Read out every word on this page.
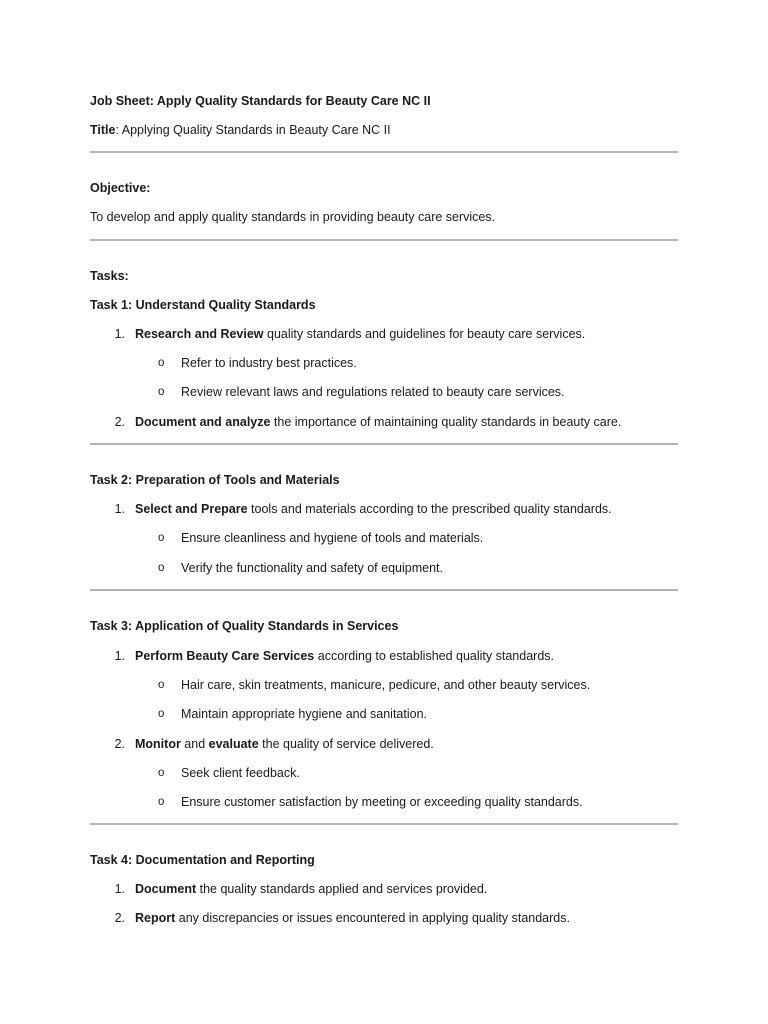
Job Sheet: Apply Quality Standards for Beauty Care NC II
Title: Applying Quality Standards in Beauty Care NC II
Objective:
To develop and apply quality standards in providing beauty care services.
Tasks:
Task 1: Understand Quality Standards
1. Research and Review quality standards and guidelines for beauty care services.
o Refer to industry best practices.
o Review relevant laws and regulations related to beauty care services.
2. Document and analyze the importance of maintaining quality standards in beauty care.
Task 2: Preparation of Tools and Materials
1. Select and Prepare tools and materials according to the prescribed quality standards.
o Ensure cleanliness and hygiene of tools and materials.
o Verify the functionality and safety of equipment.
Task 3: Application of Quality Standards in Services
1. Perform Beauty Care Services according to established quality standards.
o Hair care, skin treatments, manicure, pedicure, and other beauty services.
o Maintain appropriate hygiene and sanitation.
2. Monitor and evaluate the quality of service delivered.
o Seek client feedback.
o Ensure customer satisfaction by meeting or exceeding quality standards.
Task 4: Documentation and Reporting
1. Document the quality standards applied and services provided.
2. Report any discrepancies or issues encountered in applying quality standards.
